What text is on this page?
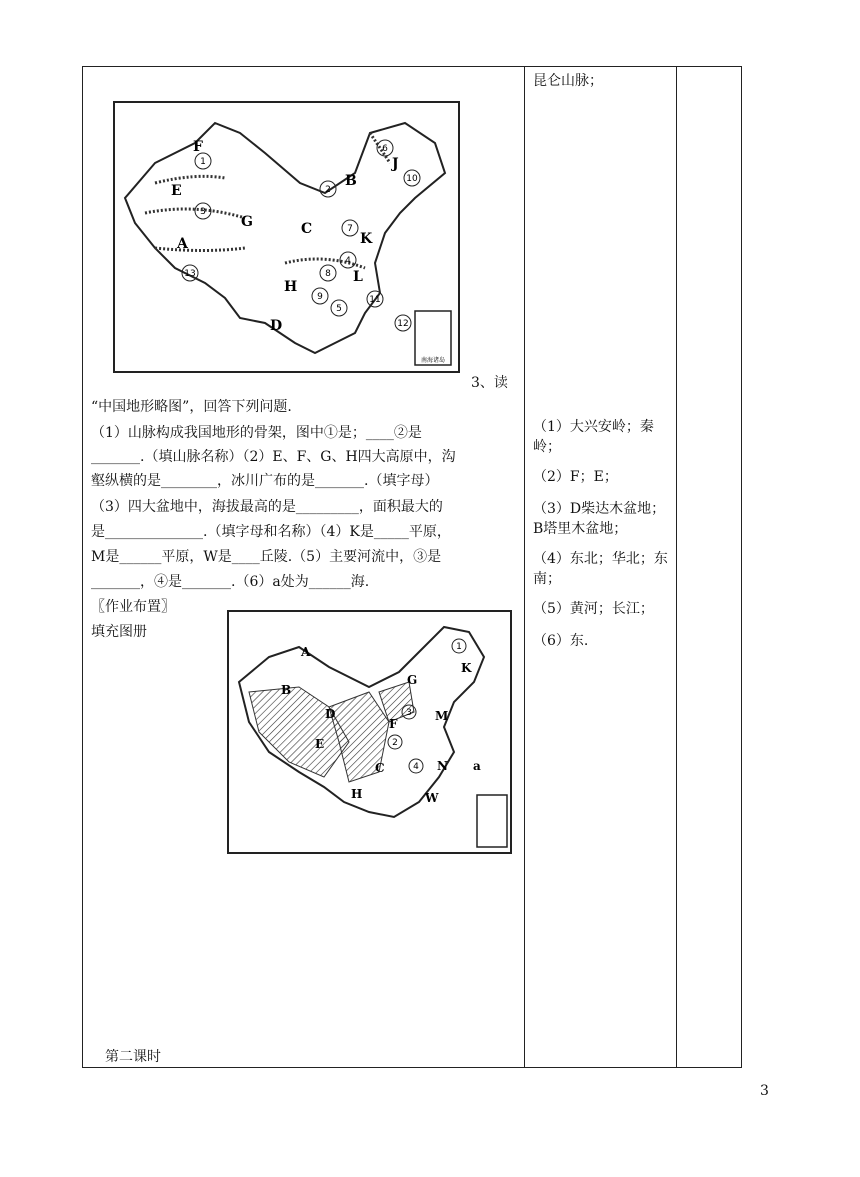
南海诸岛
F
E
A
G	C
B
J
K
L
H
D
1
2
3
4
5
6
7
8
9
10
11
12
13
3、读
“中国地形略图”，回答下列问题.
（1）山脉构成我国地形的骨架，图中①是；____②是
_______.（填山脉名称）（2）E、F、G、H四大高原中，沟
壑纵横的是________，冰川广布的是_______.（填字母）
（3）四大盆地中，海拔最高的是_________，面积最大的
是______________.（填字母和名称）（4）K是_____平原，
M是______平原，W是____丘陵.（5）主要河流中，③是
_______，④是_______.（6）a处为______海.
〖作业布置〗
填充图册
A
B
D
E
F
G
C
H
K
M
N
W
a
1
2
3
4
第二课时
昆仑山脉；
（1）大兴安岭；秦岭；
（2）F；E；
（3）D柴达木盆地；B塔里木盆地；
（4）东北；华北；东南；
（5）黄河；长江；
（6）东.
3
